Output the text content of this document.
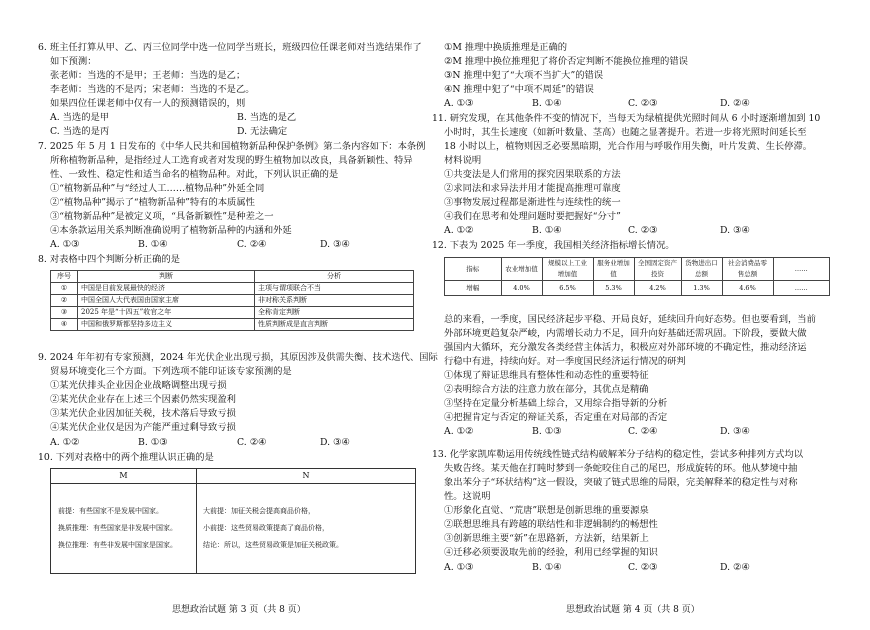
6. 班主任打算从甲、乙、丙三位同学中选一位同学当班长，班级四位任课老师对当选结果作了
如下预测：
张老师：当选的不是甲；王老师：当选的是乙；
李老师：当选的不是丙；宋老师：当选的不是乙。
如果四位任课老师中仅有一人的预测错误的，则
A. 当选的是甲	B. 当选的是乙
C. 当选的是丙	D. 无法确定
7. 2025 年 5 月 1 日发布的《中华人民共和国植物新品种保护条例》第二条内容如下：本条例
所称植物新品种，是指经过人工选育或者对发现的野生植物加以改良，具备新颖性、特异
性、一致性、稳定性和适当命名的植物品种。对此，下列认识正确的是
①“植物新品种”与“经过人工……植物品种”外延全同
②“植物品种”揭示了“植物新品种”特有的本质属性
③“植物新品种”是被定义项，“具备新颖性”是种差之一
④本条款运用关系判断准确说明了植物新品种的内涵和外延
A. ①③	B. ①④	C. ②④	D. ③④
8. 对表格中四个判断分析正确的是
序号	判断	分析
①	中国是目前发展最快的经济	主项与谓项联合不当
②	中国全国人大代表国由国家主席	非对称关系判断
③	2025 年是“十四五”收官之年	全称肯定判断
④	中国和俄罗斯都坚持多边主义	性质判断成是直言判断
9. 2024 年年初有专家预测，2024 年光伏企业出现亏损，其原因涉及供需失衡、技术迭代、国际
贸易环境变化三个方面。下列选项不能印证该专家预测的是
①某光伏排头企业因企业战略调整出现亏损
②某光伏企业存在上述三个因素仍然实现盈利
③某光伏企业因加征关税，技术落后导致亏损
④某光伏企业仅是因为产能严重过剩导致亏损
A. ①②	B. ①③	C. ②④	D. ③④
10. 下列对表格中的两个推理认识正确的是
M	N
前提：有些国家不是发展中国家。
换质推理：有些国家是非发展中国家。
换位推理：有些非发展中国家是国家。
大前提：加征关税会提高商品价格，
小前提：这些贸易政策提高了商品价格，
结论：所以，这些贸易政策是加征关税政策。
思想政治试题 第 3 页（共 8 页）
①M 推理中换质推理是正确的
②M 推理中换位推理犯了将价否定判断不能换位推理的错误
③N 推理中犯了“大项不当扩大”的错误
④N 推理中犯了“中项不周延”的错误
A. ①③	B. ①④	C. ②③	D. ②④
11. 研究发现，在其他条件不变的情况下，当每天为绿植提供光照时间从 6 小时逐渐增加到 10
小时时，其生长速度（如新叶数量、茎高）也随之显著提升。若进一步将光照时间延长至
18 小时以上，植物则因乏必要黑暗期，光合作用与呼吸作用失衡，叶片发黄、生长停滞。
材料说明
①共变法是人们常用的探究因果联系的方法
②求同法和求异法并用才能提高推理可靠度
③事物发展过程都是渐进性与连续性的统一
④我们在思考和处理问题时要把握好“分寸”
A. ①②	B. ①④	C. ②③	D. ③④
12. 下表为 2025 年一季度，我国相关经济指标增长情况。
指标	农业增加值	规模以上工业增加值	服务业增加值	全国固定资产投资	货物进出口总额	社会消费品零售总额	……
增幅	4.0%	6.5%	5.3%	4.2%	1.3%	4.6%	……
总的来看，一季度，国民经济起步平稳、开局良好，延续回升向好态势。但也要看到，当前
外部环境更趋复杂严峻，内需增长动力不足，回升向好基础还需巩固。下阶段，要做大做
强国内大循环，充分激发各类经营主体活力，积极应对外部环境的不确定性，推动经济运
行稳中有进，持续向好。对一季度国民经济运行情况的研判
①体现了辩证思维具有整体性和动态性的重要特征
②表明综合方法的注意力放在部分，其优点是精确
③坚持在定量分析基础上综合，又用综合指导新的分析
④把握肯定与否定的辩证关系，否定重在对局部的否定
A. ①②	B. ①③	C. ②④	D. ③④
13. 化学家凯库勒运用传统线性链式结构破解苯分子结构的稳定性，尝试多种排列方式均以
失败告终。某天他在打盹时梦到一条蛇咬住自己的尾巴，形成旋转的环。他从梦境中抽
象出苯分子“环状结构”这一假设，突破了链式思维的局限，完美解释苯的稳定性与对称
性。这说明
①形象化直觉、“荒唐”联想是创新思维的重要源泉
②联想思维具有跨越的联结性和非逻辑制约的畅想性
③创新思维主要“新”在思路新，方法新，结果新上
④迁移必须要汲取先前的经验，利用已经掌握的知识
A. ①③	B. ①④	C. ②③	D. ②④
思想政治试题 第 4 页（共 8 页）
